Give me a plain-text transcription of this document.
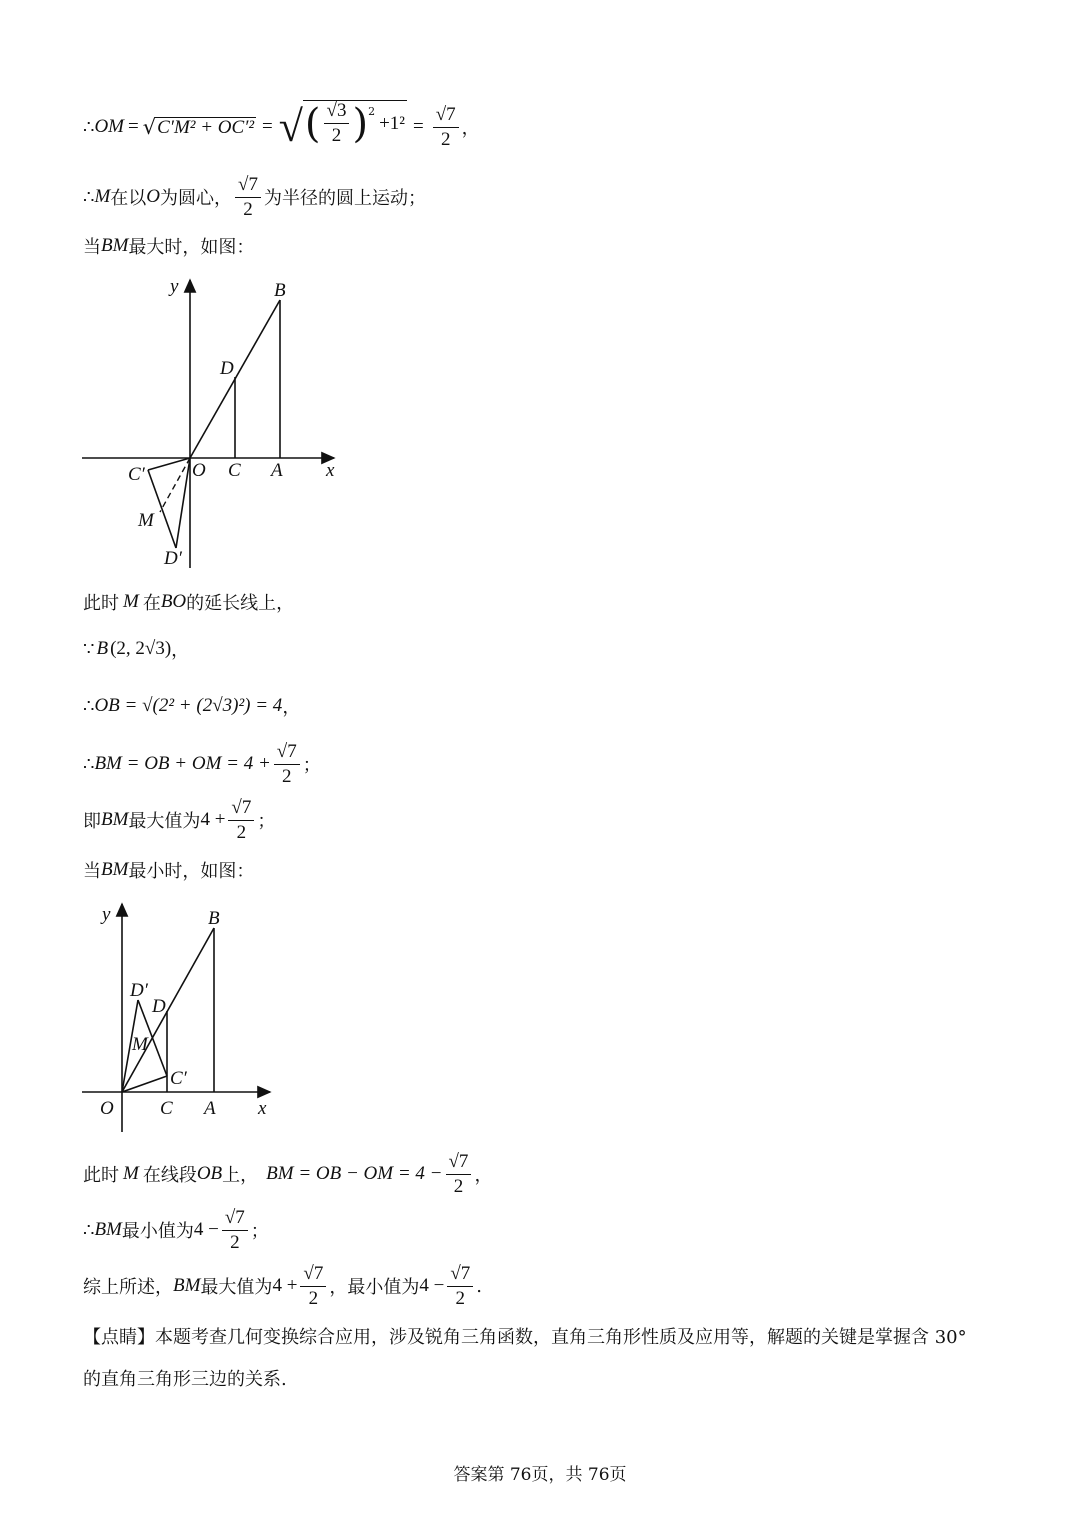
∴ OM = √ C′M² + OC′² = √ ( $\frac{√3}{2} )^2$
$+1^2 = \frac{√7}{2}$ ，
∴ M 在以 O 为圆心， $\frac{√7}{2}$ 为半径的圆上运动；
当 BM 最大时，如图：
y
x
B
D
O C A
C′
M
D′
此时 M 在 BO 的延长线上，
∵ B (2, 2√3) ，
∴ OB = √(2² + (2√3)²) = 4 ，
∴ BM = OB + OM = $4 + \frac{√7}{2}$ ；
即 BM 最大值为 $4 + \frac{√7}{2}$ ；
当 BM 最小时，如图：
y
x
B
D
D′
M
C′
O C A
此时 M 在线段 OB 上， BM = OB − OM = $4 - \frac{√7}{2}$ ，
∴ BM 最小值为 $4 - \frac{√7}{2}$ ；
综上所述， BM 最大值为 $4 + \frac{√7}{2}$ ，最小值为 $4 - \frac{√7}{2}$ .
【点睛】本题考查几何变换综合应用，涉及锐角三角函数，直角三角形性质及应用等，解题的关键是掌握含 30°
的直角三角形三边的关系.
答案第 76页，共 76页
